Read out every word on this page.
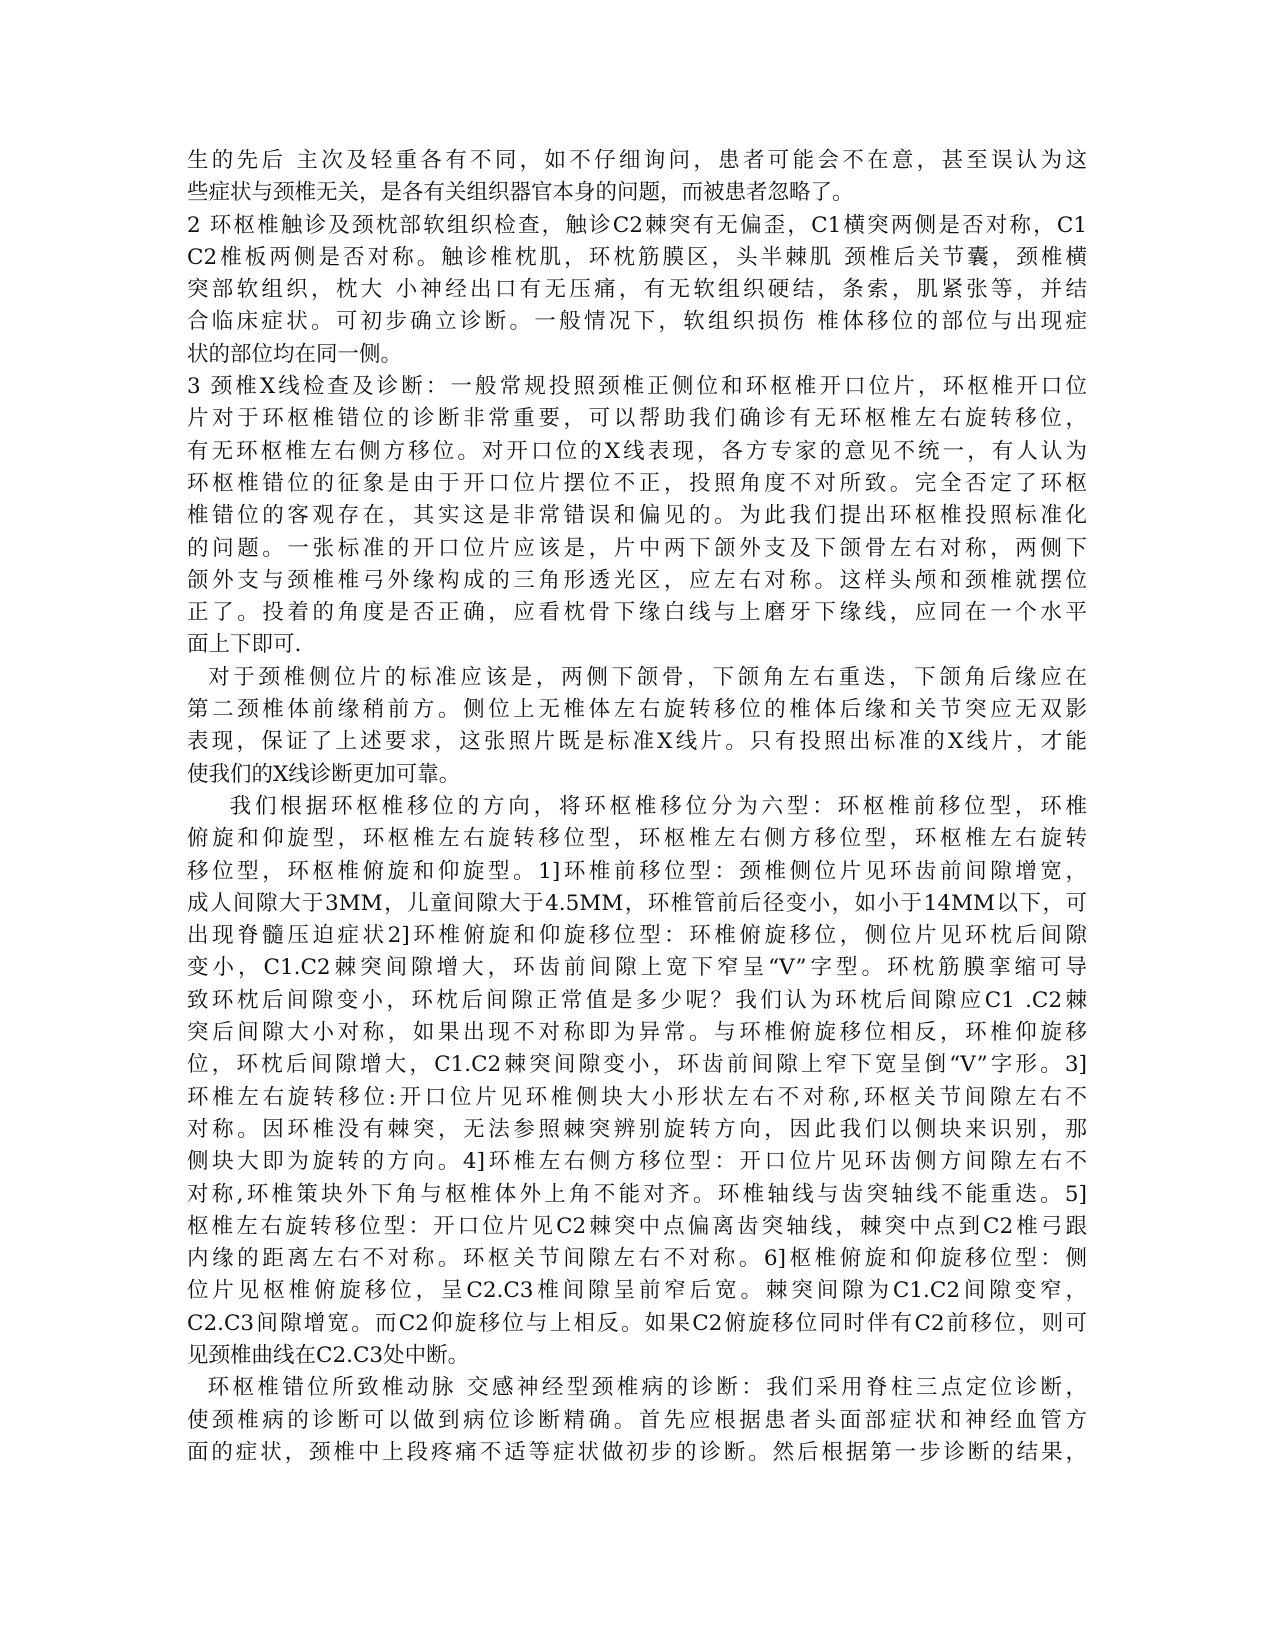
生的先后 主次及轻重各有不同，如不仔细询问，患者可能会不在意，甚至误认为这
些症状与颈椎无关，是各有关组织器官本身的问题，而被患者忽略了。
2 环枢椎触诊及颈枕部软组织检查，触诊C2棘突有无偏歪，C1横突两侧是否对称，C1
C2椎板两侧是否对称。触诊椎枕肌，环枕筋膜区，头半棘肌 颈椎后关节囊，颈椎横
突部软组织，枕大 小神经出口有无压痛，有无软组织硬结，条索，肌紧张等，并结
合临床症状。可初步确立诊断。一般情况下，软组织损伤 椎体移位的部位与出现症
状的部位均在同一侧。
3 颈椎X线检查及诊断：一般常规投照颈椎正侧位和环枢椎开口位片，环枢椎开口位
片对于环枢椎错位的诊断非常重要，可以帮助我们确诊有无环枢椎左右旋转移位，
有无环枢椎左右侧方移位。对开口位的X线表现，各方专家的意见不统一，有人认为
环枢椎错位的征象是由于开口位片摆位不正，投照角度不对所致。完全否定了环枢
椎错位的客观存在，其实这是非常错误和偏见的。为此我们提出环枢椎投照标准化
的问题。一张标准的开口位片应该是，片中两下颌外支及下颌骨左右对称，两侧下
颌外支与颈椎椎弓外缘构成的三角形透光区，应左右对称。这样头颅和颈椎就摆位
正了。投着的角度是否正确，应看枕骨下缘白线与上磨牙下缘线，应同在一个水平
面上下即可.
对于颈椎侧位片的标准应该是，两侧下颌骨，下颌角左右重迭，下颌角后缘应在
第二颈椎体前缘稍前方。侧位上无椎体左右旋转移位的椎体后缘和关节突应无双影
表现，保证了上述要求，这张照片既是标准X线片。只有投照出标准的X线片，才能
使我们的X线诊断更加可靠。
我们根据环枢椎移位的方向，将环枢椎移位分为六型：环枢椎前移位型，环椎
俯旋和仰旋型，环枢椎左右旋转移位型，环枢椎左右侧方移位型，环枢椎左右旋转
移位型，环枢椎俯旋和仰旋型。1]环椎前移位型：颈椎侧位片见环齿前间隙增宽，
成人间隙大于3MM，儿童间隙大于4.5MM，环椎管前后径变小，如小于14MM以下，可
出现脊髓压迫症状2]环椎俯旋和仰旋移位型：环椎俯旋移位，侧位片见环枕后间隙
变小，C1.C2棘突间隙增大，环齿前间隙上宽下窄呈“V”字型。环枕筋膜挛缩可导
致环枕后间隙变小，环枕后间隙正常值是多少呢？我们认为环枕后间隙应C1 .C2棘
突后间隙大小对称，如果出现不对称即为异常。与环椎俯旋移位相反，环椎仰旋移
位，环枕后间隙增大，C1.C2棘突间隙变小，环齿前间隙上窄下宽呈倒“V”字形。3]
环椎左右旋转移位:开口位片见环椎侧块大小形状左右不对称,环枢关节间隙左右不
对称。因环椎没有棘突，无法参照棘突辨别旋转方向，因此我们以侧块来识别，那
侧块大即为旋转的方向。4]环椎左右侧方移位型：开口位片见环齿侧方间隙左右不
对称,环椎策块外下角与枢椎体外上角不能对齐。环椎轴线与齿突轴线不能重迭。5]
枢椎左右旋转移位型：开口位片见C2棘突中点偏离齿突轴线，棘突中点到C2椎弓跟
内缘的距离左右不对称。环枢关节间隙左右不对称。6]枢椎俯旋和仰旋移位型：侧
位片见枢椎俯旋移位，呈C2.C3椎间隙呈前窄后宽。棘突间隙为C1.C2间隙变窄，
C2.C3间隙增宽。而C2仰旋移位与上相反。如果C2俯旋移位同时伴有C2前移位，则可
见颈椎曲线在C2.C3处中断。
环枢椎错位所致椎动脉 交感神经型颈椎病的诊断：我们采用脊柱三点定位诊断，
使颈椎病的诊断可以做到病位诊断精确。首先应根据患者头面部症状和神经血管方
面的症状，颈椎中上段疼痛不适等症状做初步的诊断。然后根据第一步诊断的结果，
